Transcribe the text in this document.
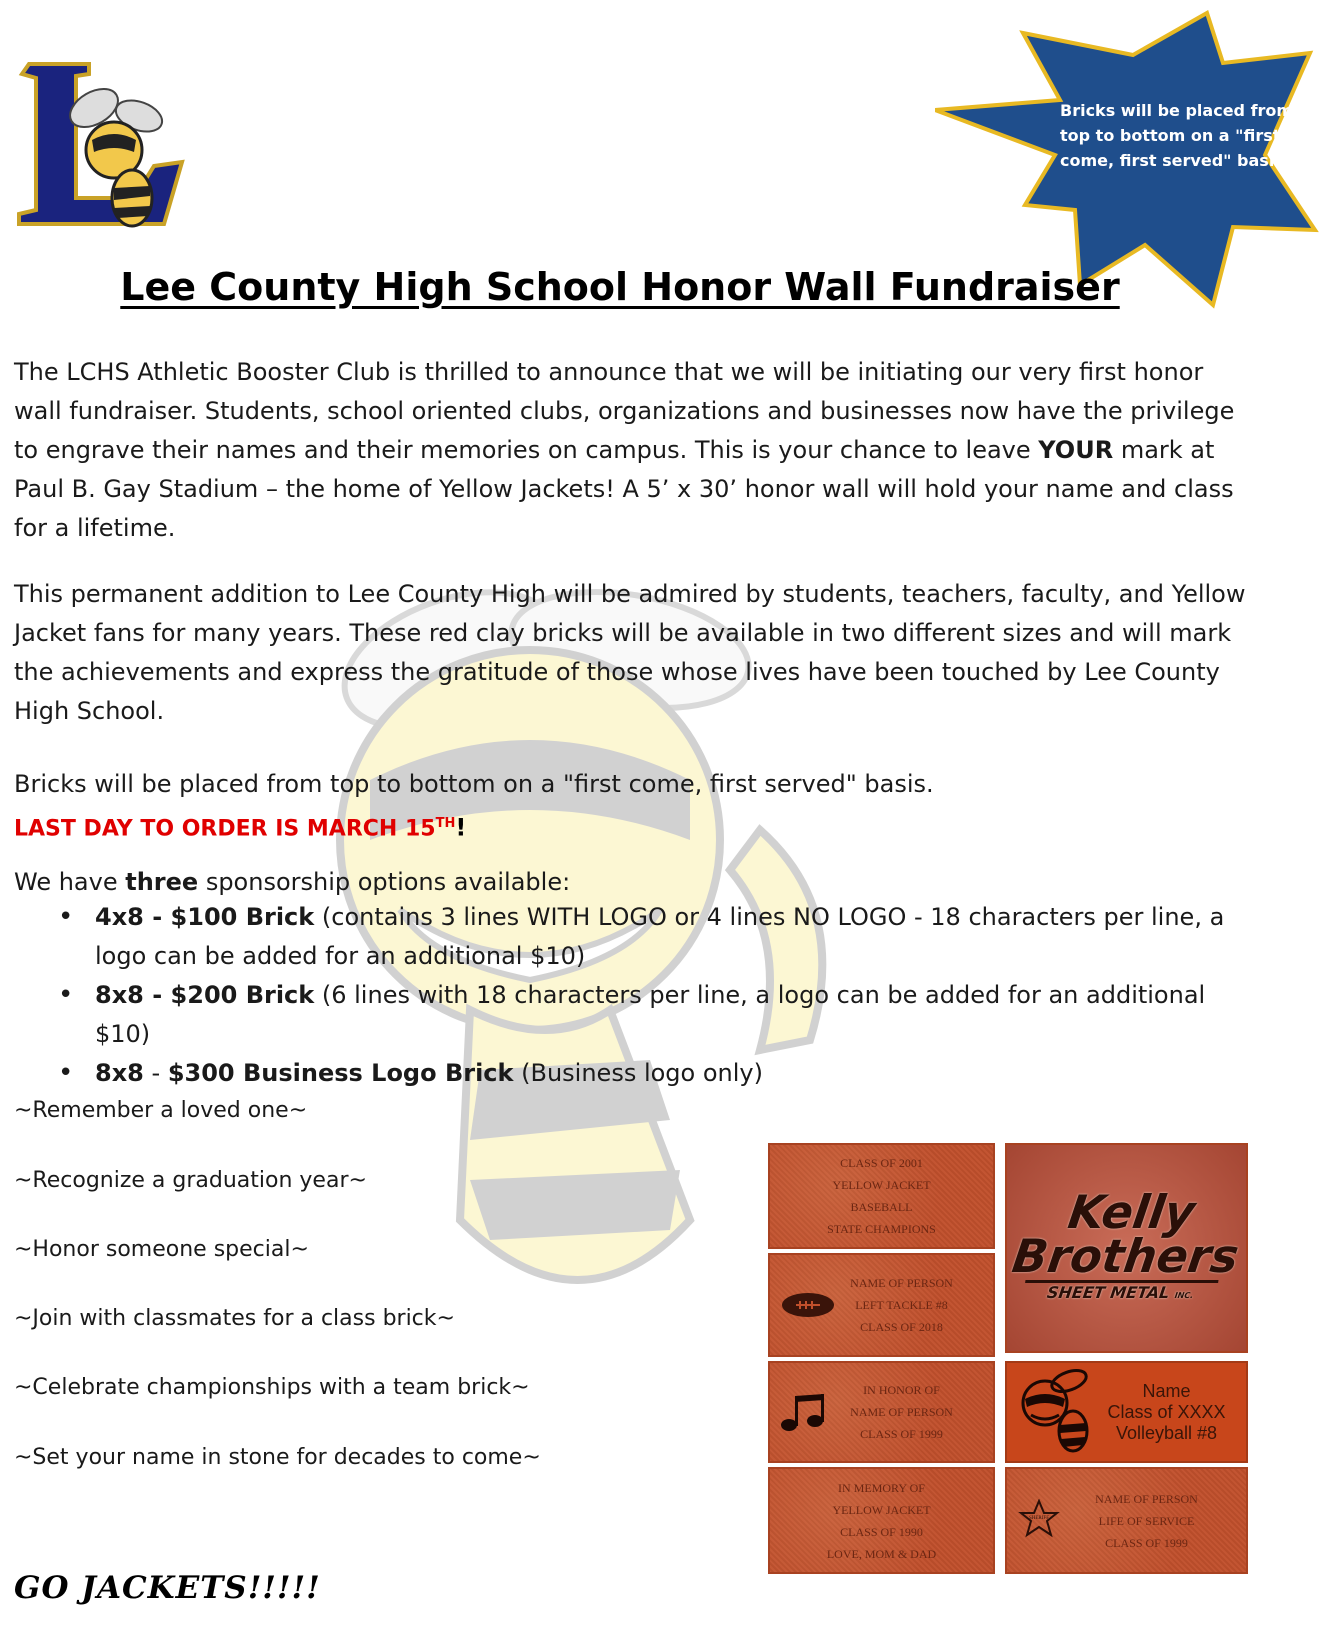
Bricks will be placed from top to bottom on a "first come, first served" basis.
Lee County High School Honor Wall Fundraiser
The LCHS Athletic Booster Club is thrilled to announce that we will be initiating our very first honor wall fundraiser. Students, school oriented clubs, organizations and businesses now have the privilege to engrave their names and their memories on campus. This is your chance to leave YOUR mark at Paul B. Gay Stadium – the home of Yellow Jackets! A 5’ x 30’ honor wall will hold your name and class for a lifetime.
This permanent addition to Lee County High will be admired by students, teachers, faculty, and Yellow Jacket fans for many years. These red clay bricks will be available in two different sizes and will mark the achievements and express the gratitude of those whose lives have been touched by Lee County High School.
Bricks will be placed from top to bottom on a "first come, first served" basis.
LAST DAY TO ORDER IS MARCH 15TH!
We have three sponsorship options available:
• 4x8 - $100 Brick (contains 3 lines WITH LOGO or 4 lines NO LOGO - 18 characters per line, a logo can be added for an additional $10)
• 8x8 - $200 Brick (6 lines with 18 characters per line, a logo can be added for an additional $10)
• 8x8 - $300 Business Logo Brick (Business logo only)
~Remember a loved one~
~Recognize a graduation year~
~Honor someone special~
~Join with classmates for a class brick~
~Celebrate championships with a team brick~
~Set your name in stone for decades to come~
GO JACKETS!!!!!
CLASS OF 2001
YELLOW JACKET
BASEBALL
STATE CHAMPIONS
NAME OF PERSON
LEFT TACKLE #8
CLASS OF 2018
IN HONOR OF
NAME OF PERSON
CLASS OF 1999
IN MEMORY OF
YELLOW JACKET
CLASS OF 1990
LOVE, MOM & DAD
Kelly
Brothers
SHEET METAL INC.
Name
Class of XXXX
Volleyball #8
SHERIFF
NAME OF PERSON
LIFE OF SERVICE
CLASS OF 1999
